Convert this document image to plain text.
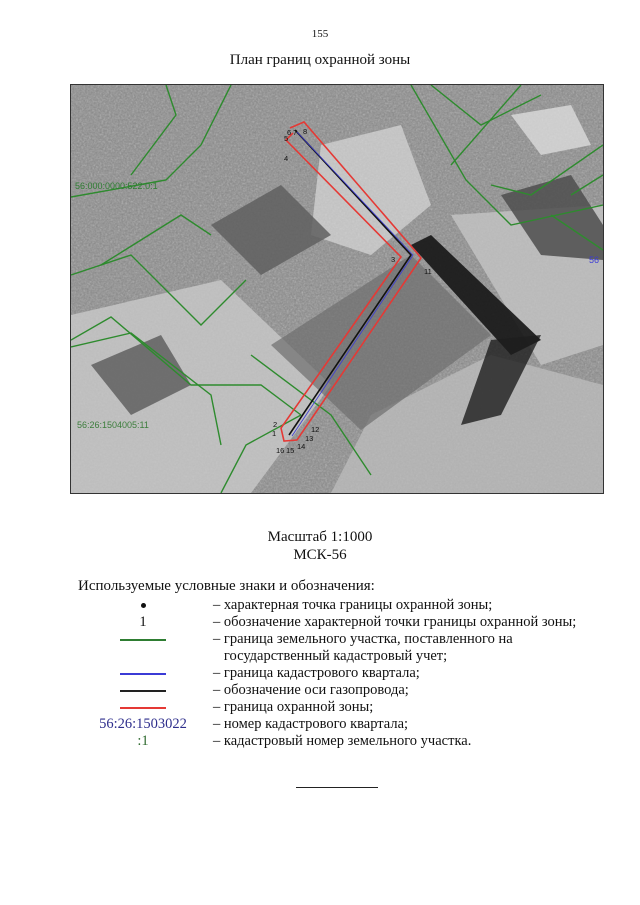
155
План границ охранной зоны
5
6 7 8
4
3
11
2
1
16 15 14
13
12
56:000:0000:522:0:1
56:26:1504005:11
56
Масштаб 1:1000
МСК-56
Используемые условные знаки и обозначения:
– характерная точка границы охранной зоны;
1	– обозначение характерной точки границы охранной зоны;
– граница земельного участка, поставленного на
государственный кадастровый учет;
– граница кадастрового квартала;
– обозначение оси газопровода;
– граница охранной зоны;
56:26:1503022 – номер кадастрового квартала;
:1	– кадастровый номер земельного участка.
